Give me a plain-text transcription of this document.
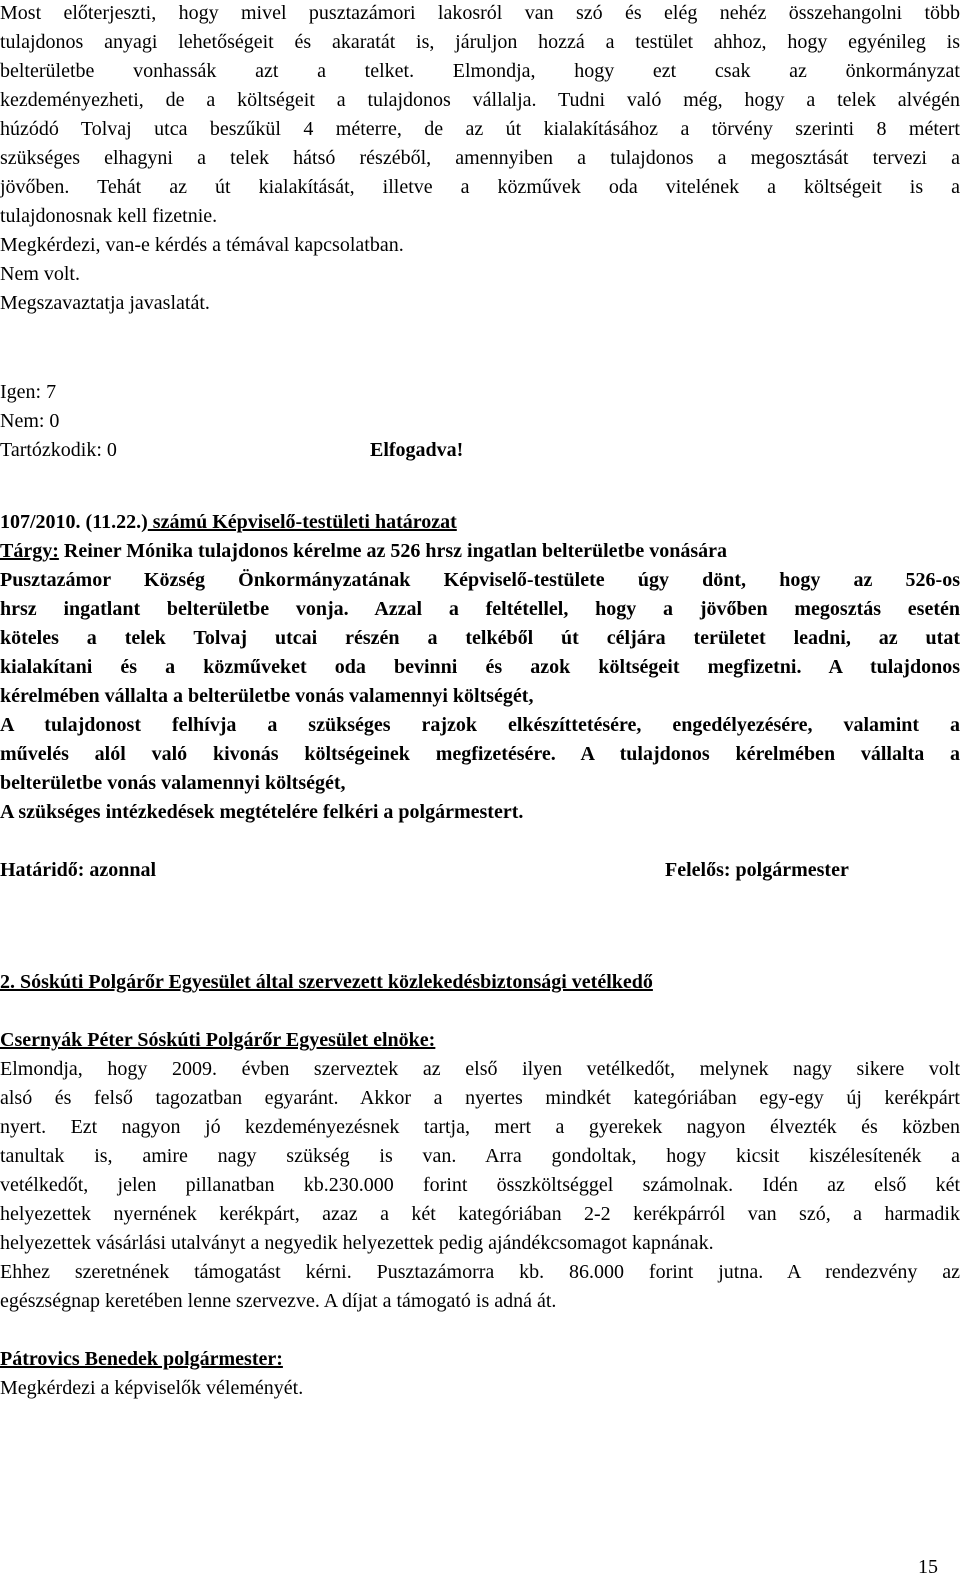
Most előterjeszti, hogy mivel pusztazámori lakosról van szó és elég nehéz összehangolni több

tulajdonos anyagi lehetőségeit és akaratát is, járuljon hozzá a testület ahhoz, hogy egyénileg is

belterületbe vonhassák azt a telket. Elmondja, hogy ezt csak az önkormányzat

kezdeményezheti, de a költségeit a tulajdonos vállalja. Tudni való még, hogy a telek alvégén

húzódó Tolvaj utca beszűkül 4 méterre, de az út kialakításához a törvény szerinti 8 métert

szükséges elhagyni a telek hátsó részéből, amennyiben a tulajdonos a megosztását tervezi a

jövőben. Tehát az út kialakítását, illetve a közművek oda vitelének a költségeit is a

tulajdonosnak kell fizetnie.

Megkérdezi, van-e kérdés a témával kapcsolatban.

Nem volt.

Megszavaztatja javaslatát.

Igen: 7

Nem: 0

Tartózkodik: 0	Elfogadva!

107/2010. (11.22.) számú Képviselő-testületi határozat

Tárgy: Reiner Mónika tulajdonos kérelme az 526 hrsz ingatlan belterületbe vonására

Pusztazámor Község Önkormányzatának Képviselő-testülete úgy dönt, hogy az 526-os

hrsz ingatlant belterületbe vonja. Azzal a feltétellel, hogy a jövőben megosztás esetén

köteles a telek Tolvaj utcai részén a telkéből út céljára területet leadni, az utat

kialakítani és a közműveket oda bevinni és azok költségeit megfizetni. A tulajdonos

kérelmében vállalta a belterületbe vonás valamennyi költségét,

A tulajdonost felhívja a szükséges rajzok elkészíttetésére, engedélyezésére, valamint a

művelés alól való kivonás költségeinek megfizetésére. A tulajdonos kérelmében vállalta a

belterületbe vonás valamennyi költségét,

A szükséges intézkedések megtételére felkéri a polgármestert.

Határidő: azonnal	Felelős: polgármester

2. Sóskúti Polgárőr Egyesület által szervezett közlekedésbiztonsági vetélkedő

Csernyák Péter Sóskúti Polgárőr Egyesület elnöke:

Elmondja, hogy 2009. évben szerveztek az első ilyen vetélkedőt, melynek nagy sikere volt

alsó és felső tagozatban egyaránt. Akkor a nyertes mindkét kategóriában egy-egy új kerékpárt

nyert. Ezt nagyon jó kezdeményezésnek tartja, mert a gyerekek nagyon élvezték és közben

tanultak is, amire nagy szükség is van. Arra gondoltak, hogy kicsit kiszélesítenék a

vetélkedőt, jelen pillanatban kb.230.000 forint összköltséggel számolnak. Idén az első két

helyezettek nyernének kerékpárt, azaz a két kategóriában 2-2 kerékpárról van szó, a harmadik

helyezettek vásárlási utalványt a negyedik helyezettek pedig ajándékcsomagot kapnának.

Ehhez szeretnének támogatást kérni. Pusztazámorra kb. 86.000 forint jutna. A rendezvény az

egészségnap keretében lenne szervezve. A díjat a támogató is adná át.

Pátrovics Benedek polgármester:

Megkérdezi a képviselők véleményét.

15
